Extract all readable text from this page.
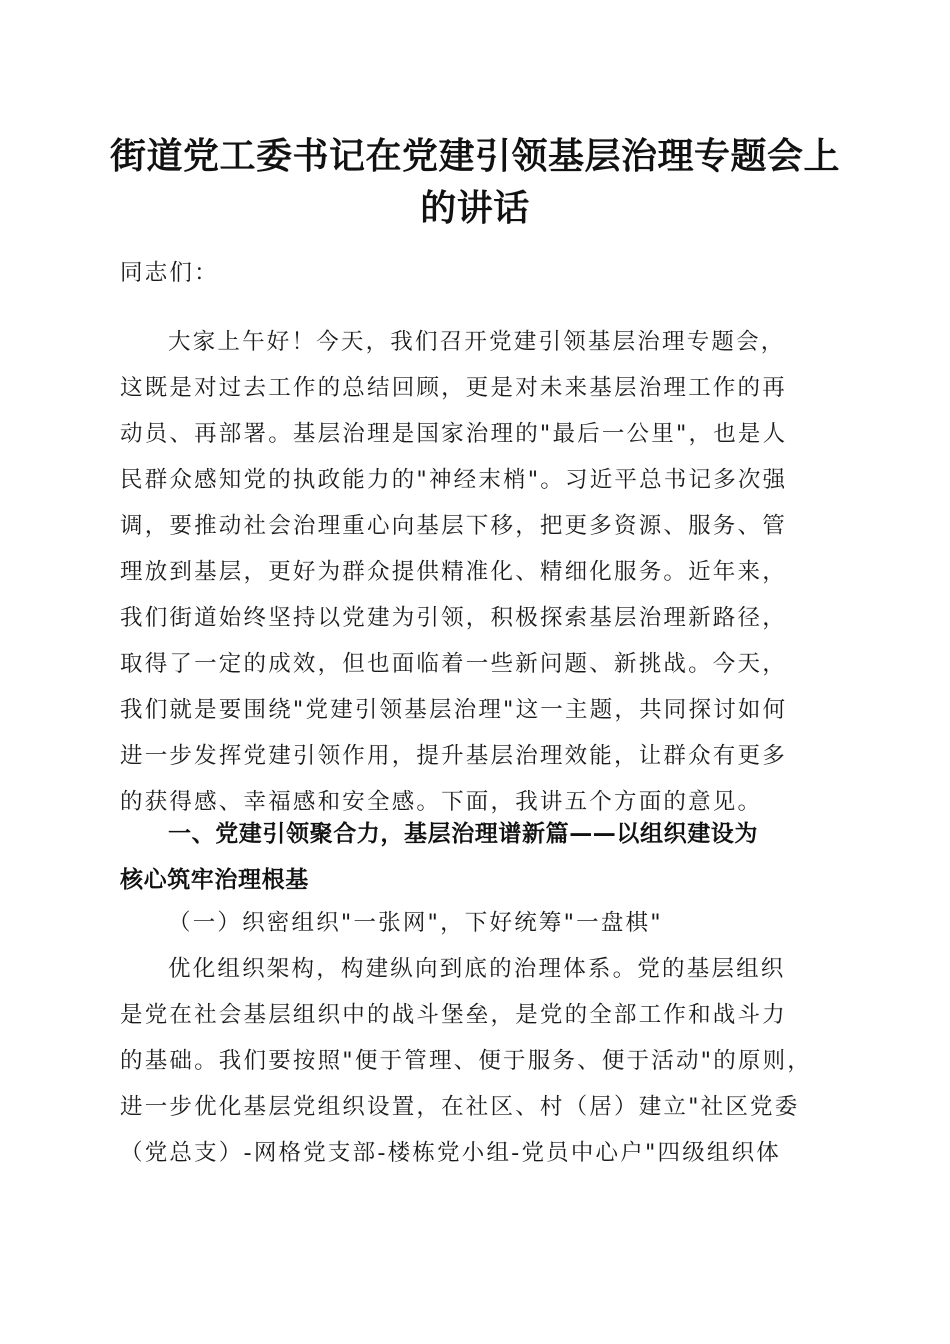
街道党工委书记在党建引领基层治理专题会上
的讲话
同志们：
大家上午好！今天，我们召开党建引领基层治理专题会，
这既是对过去工作的总结回顾，更是对未来基层治理工作的再
动员、再部署。基层治理是国家治理的"最后一公里"，也是人
民群众感知党的执政能力的"神经末梢"。习近平总书记多次强
调，要推动社会治理重心向基层下移，把更多资源、服务、管
理放到基层，更好为群众提供精准化、精细化服务。近年来，
我们街道始终坚持以党建为引领，积极探索基层治理新路径，
取得了一定的成效，但也面临着一些新问题、新挑战。今天，
我们就是要围绕"党建引领基层治理"这一主题，共同探讨如何
进一步发挥党建引领作用，提升基层治理效能，让群众有更多
的获得感、幸福感和安全感。下面，我讲五个方面的意见。
一、党建引领聚合力，基层治理谱新篇——以组织建设为
核心筑牢治理根基
（一）织密组织"一张网"，下好统筹"一盘棋"
优化组织架构，构建纵向到底的治理体系。党的基层组织
是党在社会基层组织中的战斗堡垒，是党的全部工作和战斗力
的基础。我们要按照"便于管理、便于服务、便于活动"的原则，
进一步优化基层党组织设置，在社区、村（居）建立"社区党委
（党总支）-网格党支部-楼栋党小组-党员中心户"四级组织体
